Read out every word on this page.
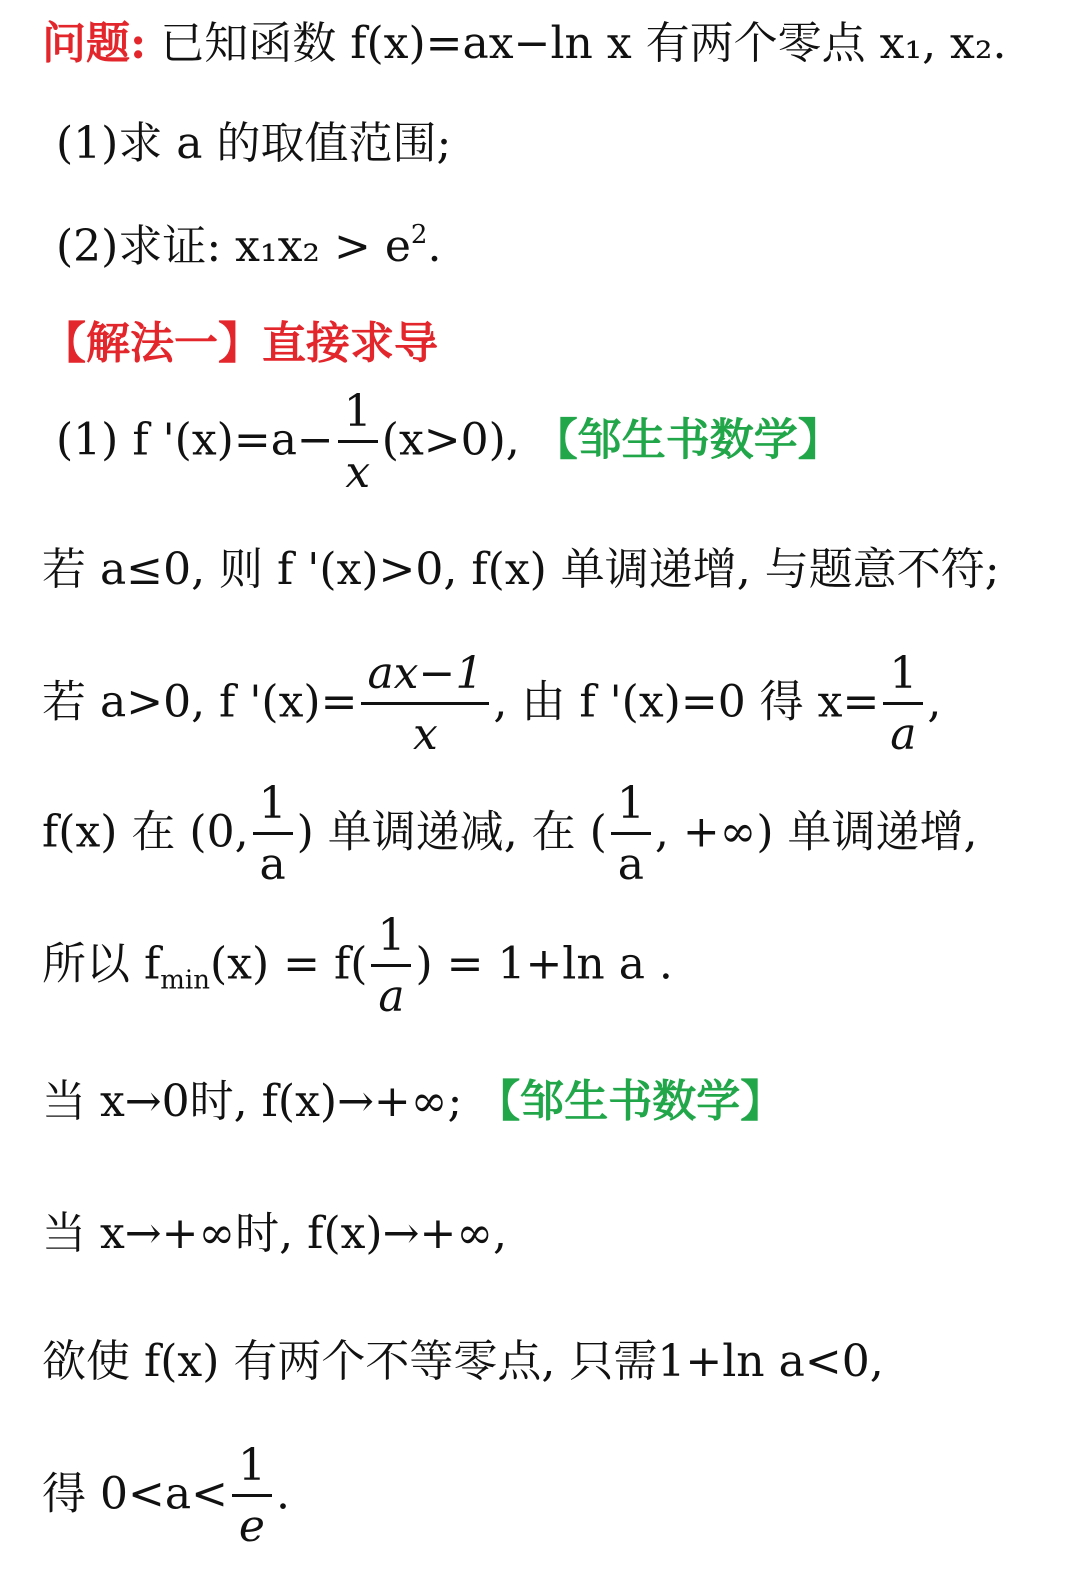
问题: 已知函数 f(x)=ax−ln x 有两个零点 x₁, x₂.
(1)求 a 的取值范围;
(2)求证: $x_1x_2 > e^2$.
【解法一】直接求导
(1) f '$(x)=a- \frac{1}{x} (x>0)$, 【邹生书数学】
若 a≤0, 则 f '(x)>0, f(x) 单调递增, 与题意不符;
若 a>0, f '$(x)= \frac{ax-1}{x}$ , 由 f '(x)=0 得 $x= \frac{1}{a}$ ,
f(x) 在 (0, $\frac{1}{a}$ ) 单调递减, 在 ( $\frac{1}{a}$ , +∞) 单调递增,
所以 $f_{min}(x) = f( \frac{1}{a}$ ) = 1+ln a .
当 x→0时, f(x)→+∞; 【邹生书数学】
当 x→+∞时, f(x)→+∞,
欲使 f(x) 有两个不等零点, 只需1+ln a<0,
得 $0<a< \frac{1}{e}$ .
